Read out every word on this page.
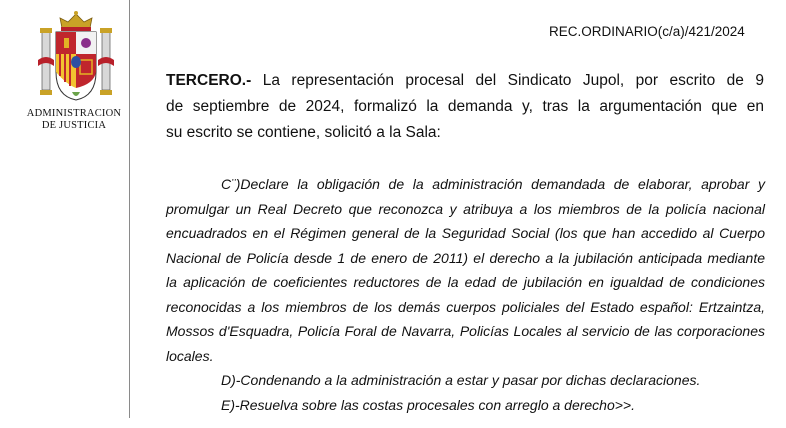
ADMINISTRACION
DE JUSTICIA
REC.ORDINARIO(c/a)/421/2024
TERCERO.- La representación procesal del Sindicato Jupol, por escrito de 9
de septiembre de 2024, formalizó la demanda y, tras la argumentación que en
su escrito se contiene, solicitó a la Sala:
C¨)Declare la obligación de la administración demandada de elaborar, aprobar y
promulgar un Real Decreto que reconozca y atribuya a los miembros de la policía nacional
encuadrados en el Régimen general de la Seguridad Social (los que han accedido al Cuerpo
Nacional de Policía desde 1 de enero de 2011) el derecho a la jubilación anticipada mediante
la aplicación de coeficientes reductores de la edad de jubilación en igualdad de condiciones
reconocidas a los miembros de los demás cuerpos policiales del Estado español: Ertzaintza,
Mossos d'Esquadra, Policía Foral de Navarra, Policías Locales al servicio de las corporaciones
locales.
D)-Condenando a la administración a estar y pasar por dichas declaraciones.
E)-Resuelva sobre las costas procesales con arreglo a derecho>>.
